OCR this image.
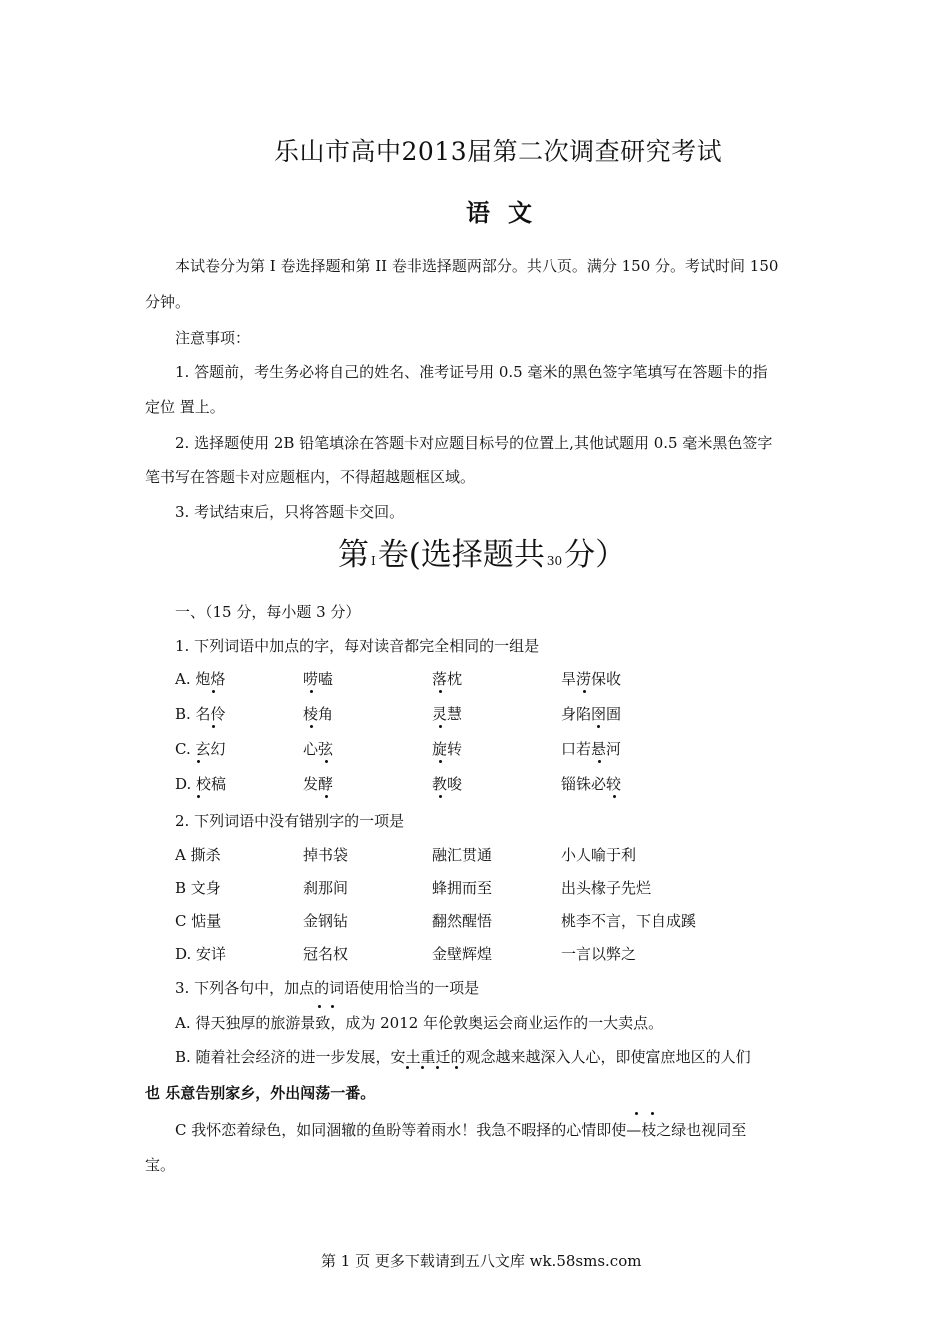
乐山市高中2013届第二次调查研究考试
语文
本试卷分为第 I 卷选择题和第 II 卷非选择题两部分。共八页。满分 150 分。考试时间 150
分钟。
注意事项：
1. 答题前，考生务必将自己的姓名、准考证号用 0.5 毫米的黑色签字笔填写在答题卡的指
定位 置上。
2. 选择题使用 2B 铅笔填涂在答题卡对应题目标号的位置上,其他试题用 0.5 毫米黑色签字
笔书写在答题卡对应题框内，不得超越题框区域。
3. 考试结束后，只将答题卡交回。
第 I卷(选择题共 30分）
一、（15 分，每小题 3 分）
1. 下列词语中加点的字，每对读音都完全相同的一组是
A. 炮烙	唠嗑	落枕	旱涝保收
B. 名伶	棱角	灵慧	身陷囹圄
C. 玄幻	心弦	旋转	口若悬河
D. 校稿	发酵	教唆	锱铢必较
2. 下列词语中没有错别字的一项是
A 撕杀	掉书袋	融汇贯通	小人喻于利
B 文身	刹那间	蜂拥而至	出头椽子先烂
C 惦量	金钢钻	翻然醒悟	桃李不言，下自成蹊
D. 安详	冠名权	金壁辉煌	一言以弊之
3. 下列各句中，加点的词语使用恰当的一项是
A. 得天独厚的旅游景致，成为 2012 年伦敦奥运会商业运作的一大卖点。
B. 随着社会经济的进一步发展，安土重迁的观念越来越深入人心，即使富庶地区的人们
也 乐意告别家乡，外出闯荡一番。
C 我怀恋着绿色，如同涸辙的鱼盼等着雨水！我急不暇择的心情即使—枝之绿也视同至
宝。
第 1 页 更多下载请到五八文库 wk.58sms.com
